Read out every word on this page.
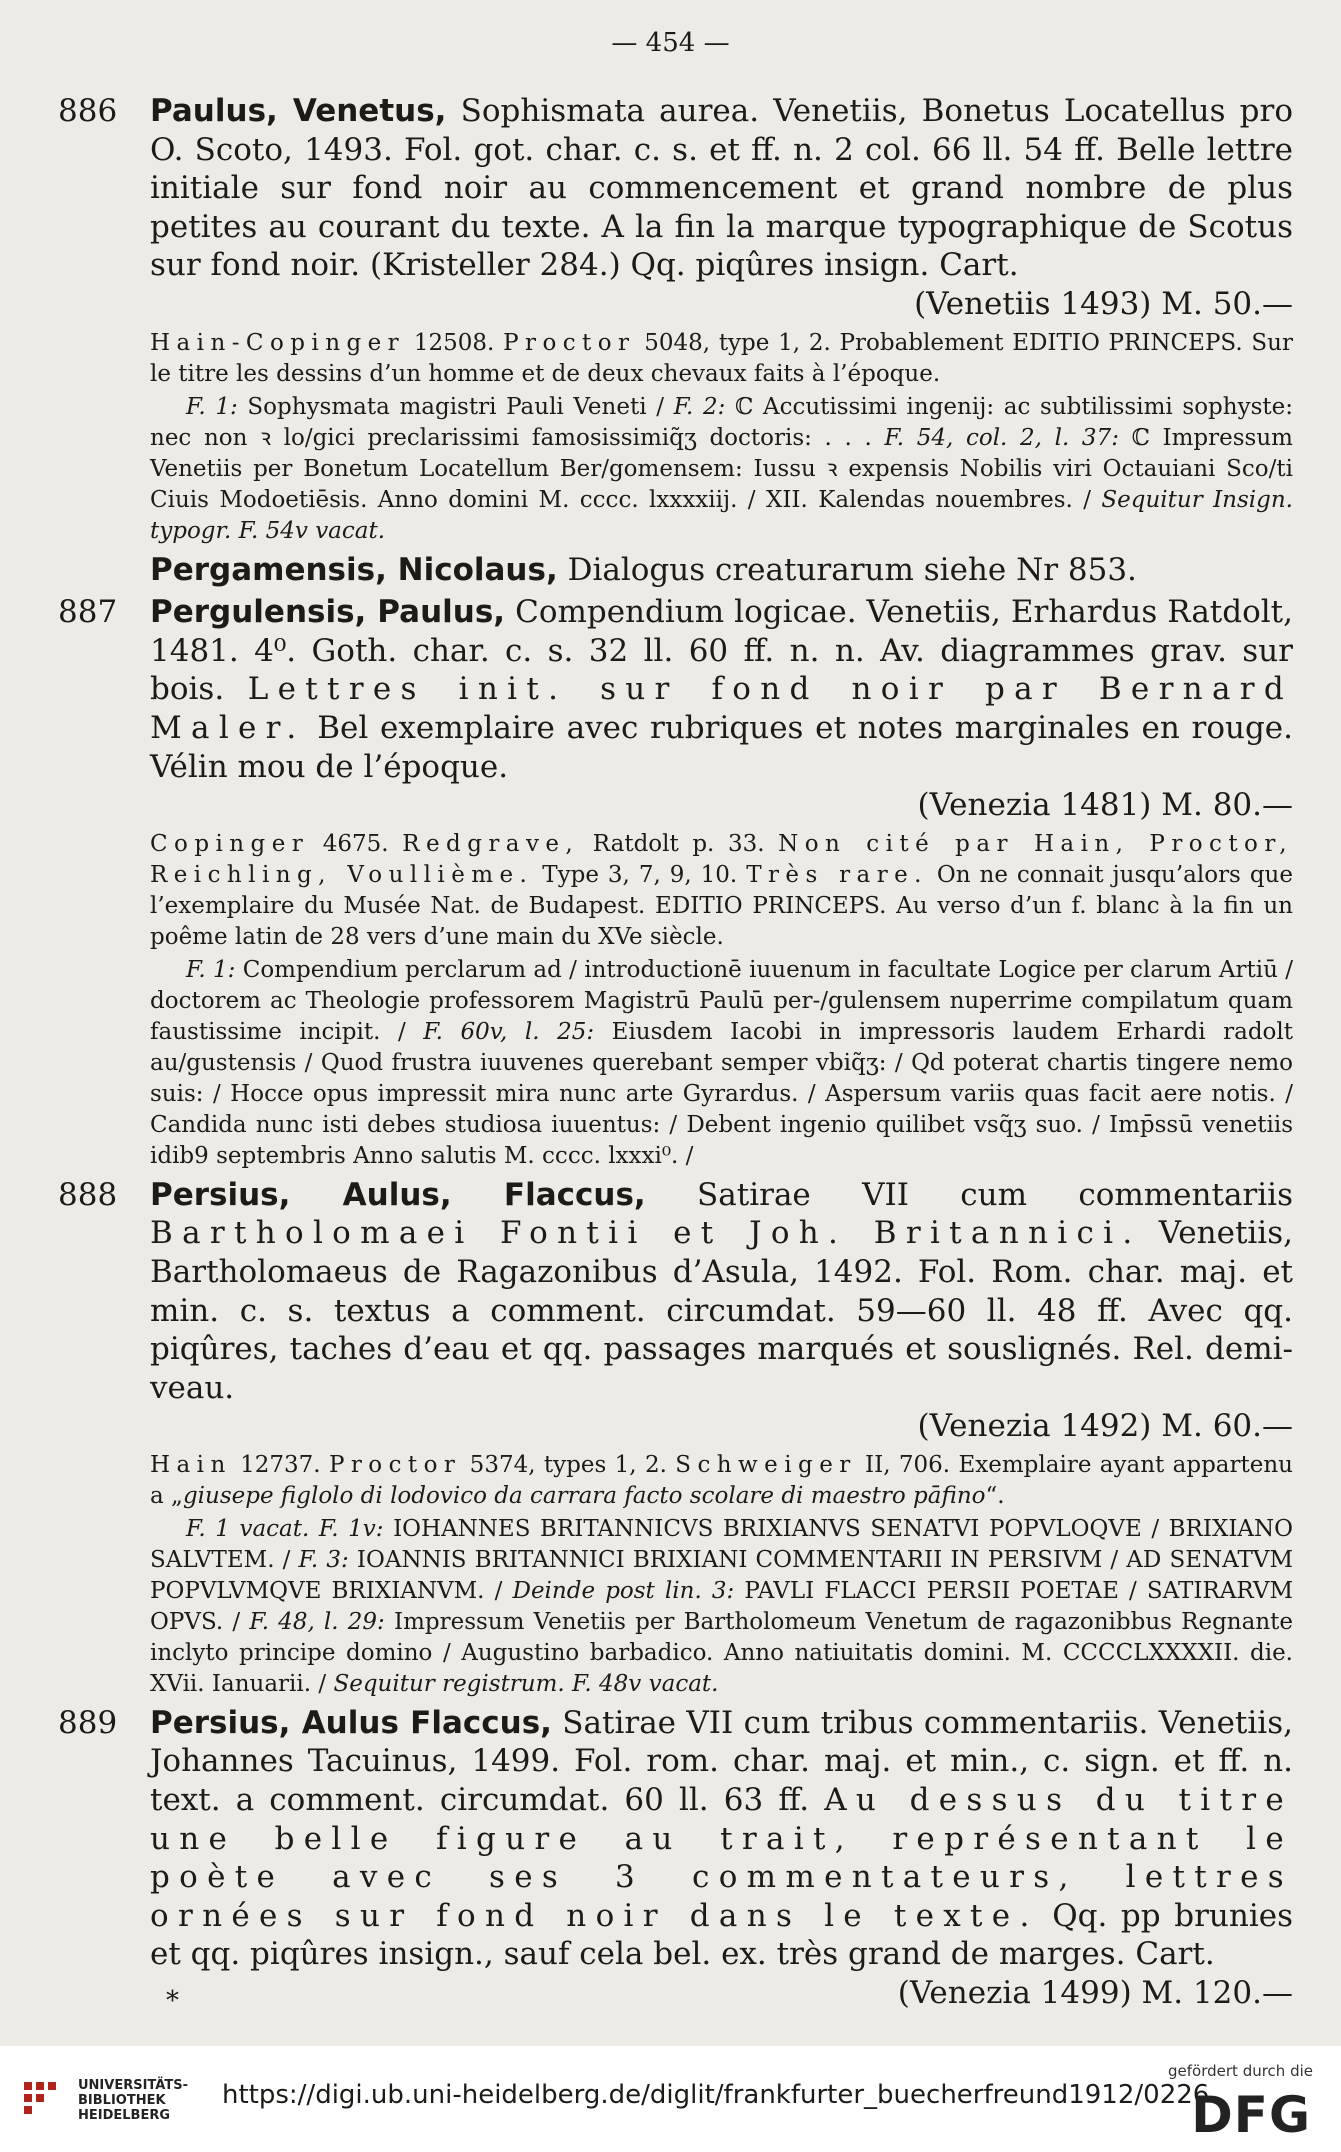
— 454 —
886 Paulus, Venetus, Sophismata aurea. Venetiis, Bonetus Locatellus pro O. Scoto, 1493. Fol. got. char. c. s. et ff. n. 2 col. 66 ll. 54 ff. Belle lettre initiale sur fond noir au commencement et grand nombre de plus petites au courant du texte. A la fin la marque typographique de Scotus sur fond noir. (Kristeller 284.) Qq. piqûres insign. Cart.
(Venetiis 1493) M. 50.—
Hain-Copinger 12508. Proctor 5048, type 1, 2. Probablement EDITIO PRINCEPS. Sur le titre les dessins d’un homme et de deux chevaux faits à l’époque.
F. 1: Sophysmata magistri Pauli Veneti / F. 2: ℂ Accutissimi ingenij: ac subtilissimi sophyste: nec non ꝛ lo/gici preclarissimi famosissimiq̃ʒ doctoris: . . . F. 54, col. 2, l. 37: ℂ Impressum Venetiis per Bonetum Locatellum Ber/gomensem: Iussu ꝛ expensis Nobilis viri Octauiani Sco/ti Ciuis Modoetiēsis. Anno domini M. cccc. lxxxxiij. / XII. Kalendas nouembres. / Sequitur Insign. typogr. F. 54v vacat.
Pergamensis, Nicolaus, Dialogus creaturarum siehe Nr 853.
887 Pergulensis, Paulus, Compendium logicae. Venetiis, Erhardus Ratdolt, 1481. 4⁰. Goth. char. c. s. 32 ll. 60 ff. n. n. Av. diagrammes grav. sur bois. Lettres init. sur fond noir par Bernard Maler. Bel exemplaire avec rubriques et notes marginales en rouge. Vélin mou de l’époque.
(Venezia 1481) M. 80.—
Copinger 4675. Redgrave, Ratdolt p. 33. Non cité par Hain, Proctor, Reichling, Voullième. Type 3, 7, 9, 10. Très rare. On ne connait jusqu’alors que l’exemplaire du Musée Nat. de Budapest. EDITIO PRINCEPS. Au verso d’un f. blanc à la fin un poême latin de 28 vers d’une main du XVe siècle.
F. 1: Compendium perclarum ad / introductionē iuuenum in facultate Logice per clarum Artiū / doctorem ac Theologie professorem Magistrū Paulū per-/gulensem nuperrime compilatum quam faustissime incipit. / F. 60v, l. 25: Eiusdem Iacobi in impressoris laudem Erhardi radolt au/gustensis / Quod frustra iuuvenes querebant semper vbiq̃ʒ: / Qd poterat chartis tingere nemo suis: / Hocce opus impressit mira nunc arte Gyrardus. / Aspersum variis quas facit aere notis. / Candida nunc isti debes studiosa iuuentus: / Debent ingenio quilibet vsq̃ʒ suo. / Imp̄ssū venetiis idib9 septembris Anno salutis M. cccc. lxxxi⁰. /
888 Persius, Aulus, Flaccus, Satirae VII cum commentariis Bartholomaei Fontii et Joh. Britannici. Venetiis, Bartholomaeus de Ragazonibus d’Asula, 1492. Fol. Rom. char. maj. et min. c. s. textus a comment. circumdat. 59—60 ll. 48 ff. Avec qq. piqûres, taches d’eau et qq. passages marqués et souslignés. Rel. demi-veau.
(Venezia 1492) M. 60.—
Hain 12737. Proctor 5374, types 1, 2. Schweiger II, 706. Exemplaire ayant appartenu a „giusepe figlolo di lodovico da carrara facto scolare di maestro pāfino“.
F. 1 vacat. F. 1v: IOHANNES BRITANNICVS BRIXIANVS SENATVI POPVLOQVE / BRIXIANO SALVTEM. / F. 3: IOANNIS BRITANNICI BRIXIANI COMMENTARII IN PERSIVM / AD SENATVM POPVLVMQVE BRIXIANVM. / Deinde post lin. 3: PAVLI FLACCI PERSII POETAE / SATIRARVM OPVS. / F. 48, l. 29: Impressum Venetiis per Bartholomeum Venetum de ragazonibbus Regnante inclyto principe domino / Augustino barbadico. Anno natiuitatis domini. M. CCCCLXXXXII. die. XVii. Ianuarii. / Sequitur registrum. F. 48v vacat.
889 Persius, Aulus Flaccus, Satirae VII cum tribus commentariis. Venetiis, Johannes Tacuinus, 1499. Fol. rom. char. maj. et min., c. sign. et ff. n. text. a comment. circumdat. 60 ll. 63 ff. Au dessus du titre une belle figure au trait, représentant le poète avec ses 3 commentateurs, lettres ornées sur fond noir dans le texte. Qq. pp brunies et qq. piqûres insign., sauf cela bel. ex. très grand de marges. Cart.
(Venezia 1499) M. 120.—
*
UNIVERSITÄTS-
BIBLIOTHEK
HEIDELBERG
https://digi.ub.uni-heidelberg.de/diglit/frankfurter_buecherfreund1912/0226
gefördert durch die
DFG
